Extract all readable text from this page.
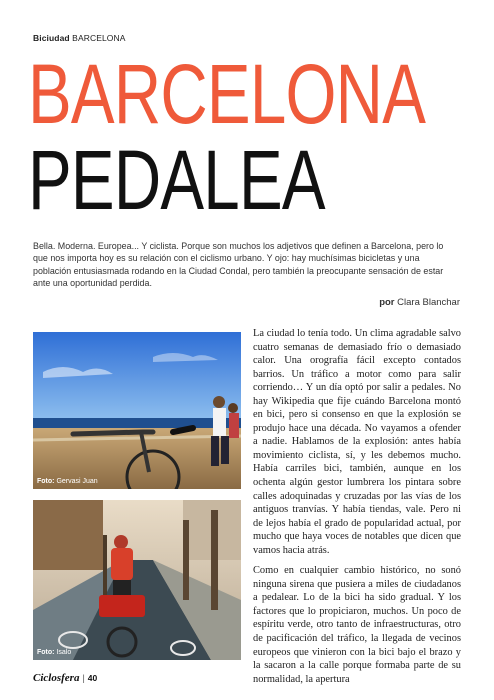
Biciudad BARCELONA
BARCELONA
PEDALEA
Bella. Moderna. Europea... Y ciclista. Porque son muchos los adjetivos que definen a Barcelona, pero lo que nos importa hoy es su relación con el ciclismo urbano. Y ojo: hay muchísimas bicicletas y una población entusiasmada rodando en la Ciudad Condal, pero también la preocupante sensación de estar ante una oportunidad perdida.
por Clara Blanchar
Foto: Gervasi Juan
Foto: Isalo

La ciudad lo tenía todo. Un clima agradable salvo cuatro semanas de demasiado frío o demasiado calor. Una orografía fácil excepto contados barrios. Un tráfico a motor como para salir corriendo… Y un día optó por salir a pedales. No hay Wikipedia que fije cuándo Barcelona montó en bici, pero si consenso en que la explosión se produjo hace una década. No vayamos a ofender a nadie. Hablamos de la explosión: antes había movimiento ciclista, sí, y les debemos mucho. Había carriles bici, también, aunque en los ochenta algún gestor lumbrera los pintara sobre calles adoquinadas y cruzadas por las vías de los antiguos tranvías. Y había tiendas, vale. Pero ni de lejos había el grado de popularidad actual, por mucho que haya voces de notables que dicen que vamos hacia atrás.

Como en cualquier cambio histórico, no sonó ninguna sirena que pusiera a miles de ciudadanos a pedalear. Lo de la bici ha sido gradual. Y los factores que lo propiciaron, muchos. Un poco de espíritu verde, otro tanto de infraestructuras, otro de pacificación del tráfico, la llegada de vecinos europeos que vinieron con la bici bajo el brazo y la sacaron a la calle porque formaba parte de su normalidad, la apertura

Ciclosfera | 40
